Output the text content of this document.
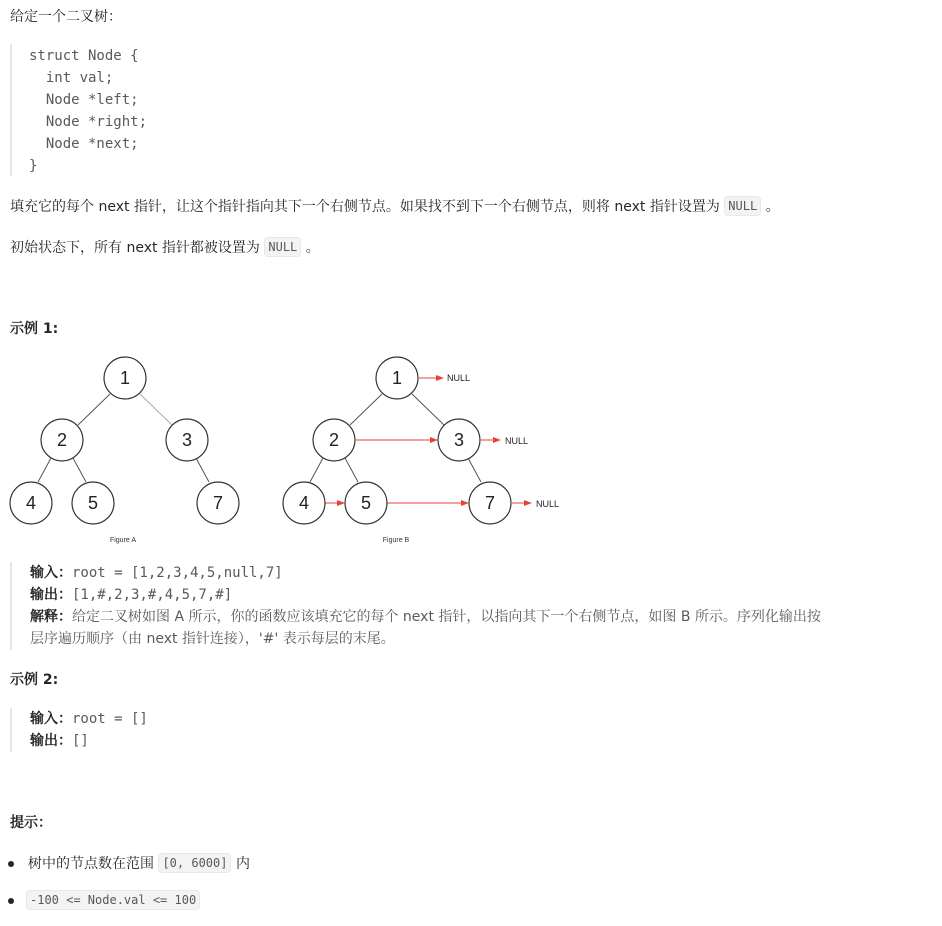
给定一个二叉树：
struct Node {
int val;
Node *left;
Node *right;
Node *next;
}
填充它的每个 next 指针，让这个指针指向其下一个右侧节点。如果找不到下一个右侧节点，则将 next 指针设置为 NULL 。
初始状态下，所有 next 指针都被设置为 NULL 。
示例 1:
1
2	3
4	5	7
Figure A
1
2	3
4	5	7
NULL
NULL
NULL
Figure B
输入：root = [1,2,3,4,5,null,7]
输出：[1,#,2,3,#,4,5,7,#]
解释：给定二叉树如图 A 所示，你的函数应该填充它的每个 next 指针，以指向其下一个右侧节点，如图 B 所示。序列化输出按
层序遍历顺序（由 next 指针连接），'#' 表示每层的末尾。
示例 2:
输入：root = []
输出：[]
提示：
树中的节点数在范围 [0, 6000] 内
-100 <= Node.val <= 100
